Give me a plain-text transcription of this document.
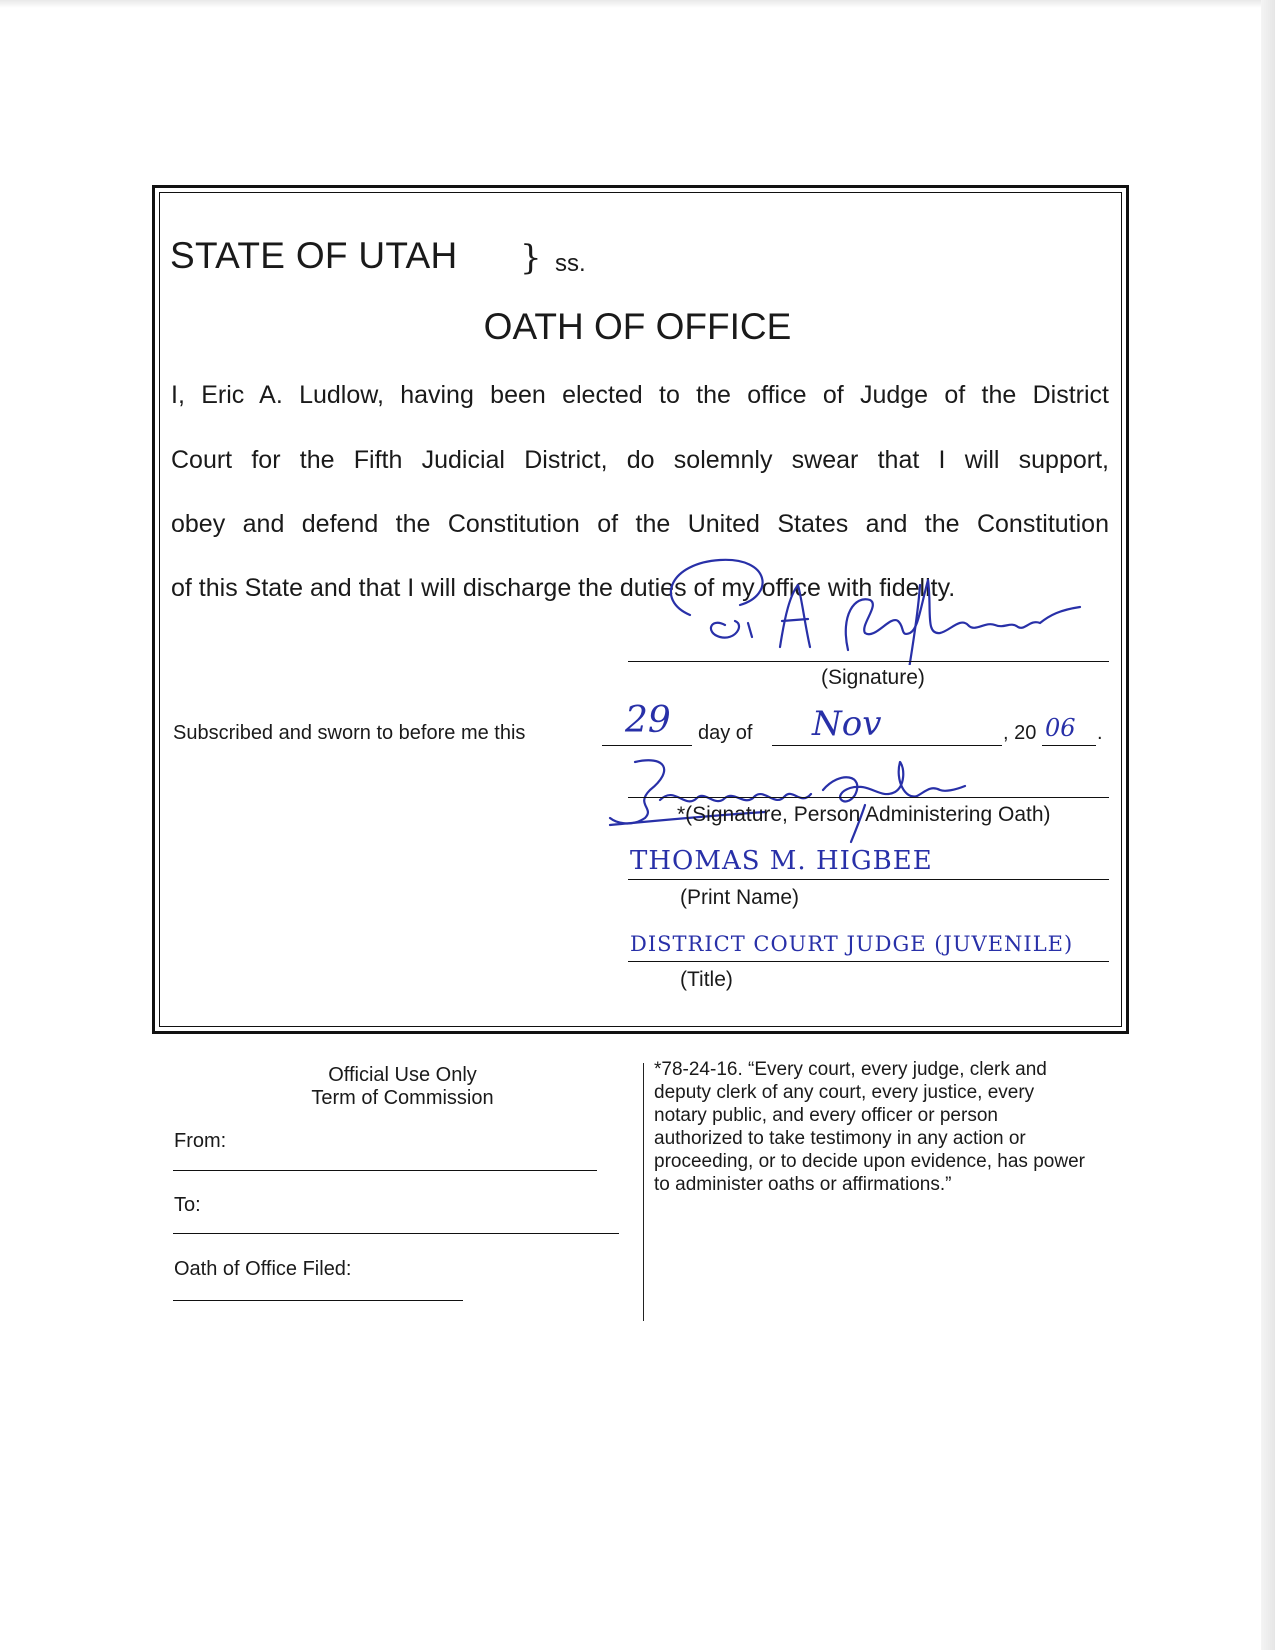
STATE OF UTAH } ss.
OATH OF OFFICE
I, Eric A. Ludlow, having been elected to the office of Judge of the District
Court for the Fifth Judicial District, do solemnly swear that I will support,
obey and defend the Constitution of the United States and the Constitution
of this State and that I will discharge the duties of my office with fidelity.
(Signature)
Subscribed and sworn to before me this	29 day of Nov	, 20 06 .
*(Signature, Person Administering Oath)
THOMAS M. HIGBEE
(Print Name)
DISTRICT COURT JUDGE (JUVENILE)
(Title)
Official Use Only
Term of Commission
From:
To:
Oath of Office Filed:
*78-24-16. “Every court, every judge, clerk and
deputy clerk of any court, every justice, every
notary public, and every officer or person
authorized to take testimony in any action or
proceeding, or to decide upon evidence, has power
to administer oaths or affirmations.”
